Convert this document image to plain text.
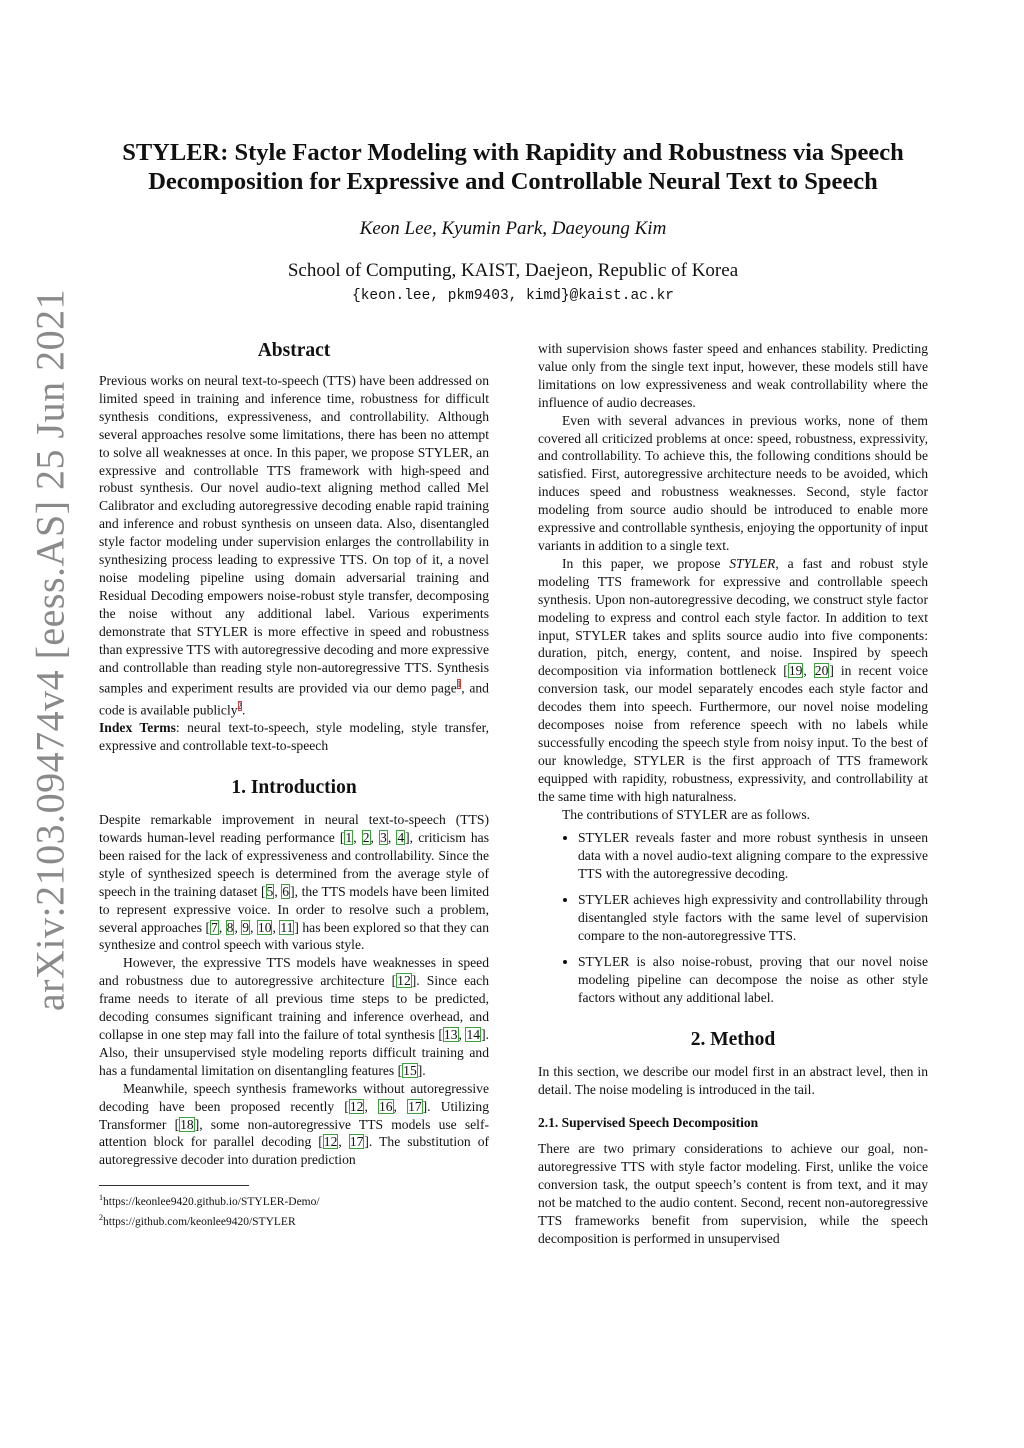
arXiv:2103.09474v4 [eess.AS] 25 Jun 2021
STYLER: Style Factor Modeling with Rapidity and Robustness via Speech
Decomposition for Expressive and Controllable Neural Text to Speech
Keon Lee, Kyumin Park, Daeyoung Kim
School of Computing, KAIST, Daejeon, Republic of Korea
{keon.lee, pkm9403, kimd}@kaist.ac.kr
Abstract

Previous works on neural text-to-speech (TTS) have been addressed on limited speed in training and inference time, robustness for difficult synthesis conditions, expressiveness, and controllability. Although several approaches resolve some limitations, there has been no attempt to solve all weaknesses at once. In this paper, we propose STYLER, an expressive and controllable TTS framework with high-speed and robust synthesis. Our novel audio-text aligning method called Mel Calibrator and excluding autoregressive decoding enable rapid training and inference and robust synthesis on unseen data. Also, disentangled style factor modeling under supervision enlarges the controllability in synthesizing process leading to expressive TTS. On top of it, a novel noise modeling pipeline using domain adversarial training and Residual Decoding empowers noise-robust style transfer, decomposing the noise without any additional label. Various experiments demonstrate that STYLER is more effective in speed and robustness than expressive TTS with autoregressive decoding and more expressive and controllable than reading style non-autoregressive TTS. Synthesis samples and experiment results are provided via our demo page$^1$, and code is available publicly$^2$.

Index Terms: neural text-to-speech, style modeling, style transfer, expressive and controllable text-to-speech

1. Introduction

Despite remarkable improvement in neural text-to-speech (TTS) towards human-level reading performance [1, 2, 3, 4], criticism has been raised for the lack of expressiveness and controllability. Since the style of synthesized speech is determined from the average style of speech in the training dataset [5, 6], the TTS models have been limited to represent expressive voice. In order to resolve such a problem, several approaches [7, 8, 9, 10, 11] has been explored so that they can synthesize and control speech with various style.

However, the expressive TTS models have weaknesses in speed and robustness due to autoregressive architecture [12]. Since each frame needs to iterate of all previous time steps to be predicted, decoding consumes significant training and inference overhead, and collapse in one step may fall into the failure of total synthesis [13, 14]. Also, their unsupervised style modeling reports difficult training and has a fundamental limitation on disentangling features [15].

Meanwhile, speech synthesis frameworks without autoregressive decoding have been proposed recently [12, 16, 17]. Utilizing Transformer [18], some non-autoregressive TTS models use self-attention block for parallel decoding [12, 17]. The substitution of autoregressive decoder into duration prediction

$^1$https://keonlee9420.github.io/STYLER-Demo/
$^2$https://github.com/keonlee9420/STYLER

with supervision shows faster speed and enhances stability. Predicting value only from the single text input, however, these models still have limitations on low expressiveness and weak controllability where the influence of audio decreases.

Even with several advances in previous works, none of them covered all criticized problems at once: speed, robustness, expressivity, and controllability. To achieve this, the following conditions should be satisfied. First, autoregressive architecture needs to be avoided, which induces speed and robustness weaknesses. Second, style factor modeling from source audio should be introduced to enable more expressive and controllable synthesis, enjoying the opportunity of input variants in addition to a single text.

In this paper, we propose STYLER, a fast and robust style modeling TTS framework for expressive and controllable speech synthesis. Upon non-autoregressive decoding, we construct style factor modeling to express and control each style factor. In addition to text input, STYLER takes and splits source audio into five components: duration, pitch, energy, content, and noise. Inspired by speech decomposition via information bottleneck [19, 20] in recent voice conversion task, our model separately encodes each style factor and decodes them into speech. Furthermore, our novel noise modeling decomposes noise from reference speech with no labels while successfully encoding the speech style from noisy input. To the best of our knowledge, STYLER is the first approach of TTS framework equipped with rapidity, robustness, expressivity, and controllability at the same time with high naturalness.

The contributions of STYLER are as follows.

• STYLER reveals faster and more robust synthesis in unseen data with a novel audio-text aligning compare to the expressive TTS with the autoregressive decoding.
• STYLER achieves high expressivity and controllability through disentangled style factors with the same level of supervision compare to the non-autoregressive TTS.
• STYLER is also noise-robust, proving that our novel noise modeling pipeline can decompose the noise as other style factors without any additional label.
2. Method

In this section, we describe our model first in an abstract level, then in detail. The noise modeling is introduced in the tail.

2.1. Supervised Speech Decomposition

There are two primary considerations to achieve our goal, non-autoregressive TTS with style factor modeling. First, unlike the voice conversion task, the output speech’s content is from text, and it may not be matched to the audio content. Second, recent non-autoregressive TTS frameworks benefit from supervision, while the speech decomposition is performed in unsupervised
